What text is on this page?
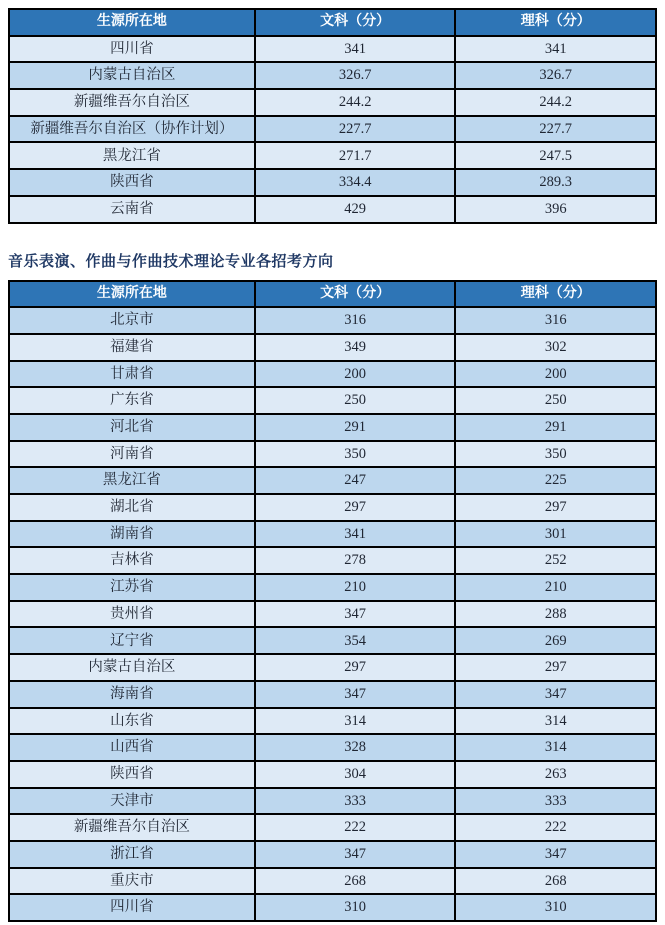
生源所在地	文科（分）	理科（分）
四川省	341	341
内蒙古自治区	326.7	326.7
新疆维吾尔自治区	244.2	244.2
新疆维吾尔自治区（协作计划）	227.7	227.7
黑龙江省	271.7	247.5
陕西省	334.4	289.3
云南省	429	396
音乐表演、作曲与作曲技术理论专业各招考方向
生源所在地	文科（分）	理科（分）
北京市	316	316
福建省	349	302
甘肃省	200	200
广东省	250	250
河北省	291	291
河南省	350	350
黑龙江省	247	225
湖北省	297	297
湖南省	341	301
吉林省	278	252
江苏省	210	210
贵州省	347	288
辽宁省	354	269
内蒙古自治区	297	297
海南省	347	347
山东省	314	314
山西省	328	314
陕西省	304	263
天津市	333	333
新疆维吾尔自治区	222	222
浙江省	347	347
重庆市	268	268
四川省	310	310
